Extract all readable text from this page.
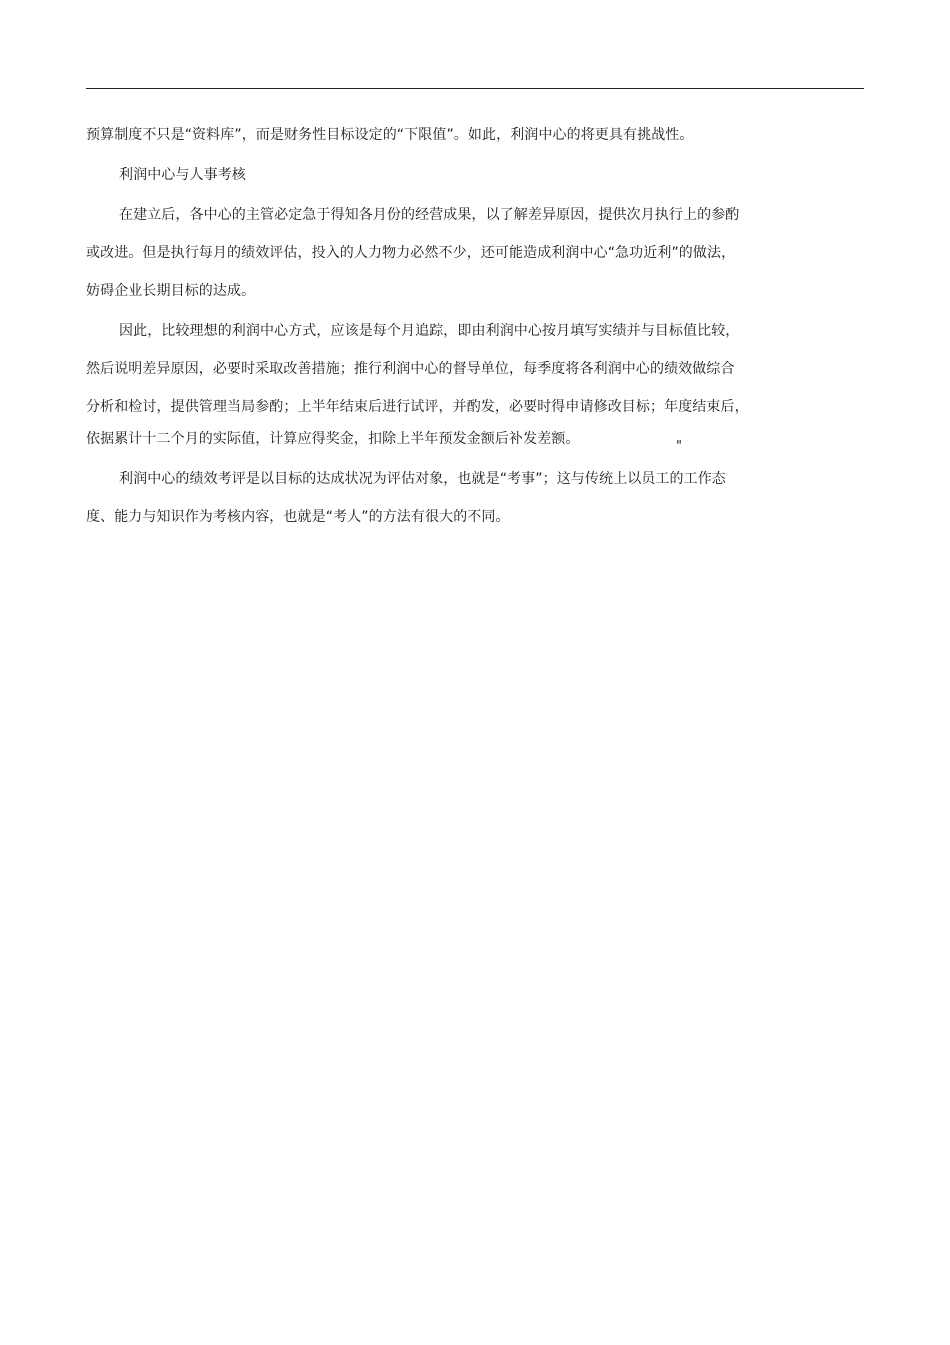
预算制度不只是“资料库”，而是财务性目标设定的“下限值”。如此，利润中心的将更具有挑战性。
利润中心与人事考核
在建立后，各中心的主管必定急于得知各月份的经营成果，以了解差异原因，提供次月执行上的参酌
或改进。但是执行每月的绩效评估，投入的人力物力必然不少，还可能造成利润中心“急功近利”的做法，
妨碍企业长期目标的达成。
因此，比较理想的利润中心方式，应该是每个月追踪，即由利润中心按月填写实绩并与目标值比较，
然后说明差异原因，必要时采取改善措施；推行利润中心的督导单位，每季度将各利润中心的绩效做综合
分析和检讨，提供管理当局参酌；上半年结束后进行试评，并酌发，必要时得申请修改目标；年度结束后，
依据累计十二个月的实际值，计算应得奖金，扣除上半年预发金额后补发差额。
利润中心的绩效考评是以目标的达成状况为评估对象，也就是“考事”；这与传统上以员工的工作态
度、能力与知识作为考核内容，也就是“考人”的方法有很大的不同。
"
